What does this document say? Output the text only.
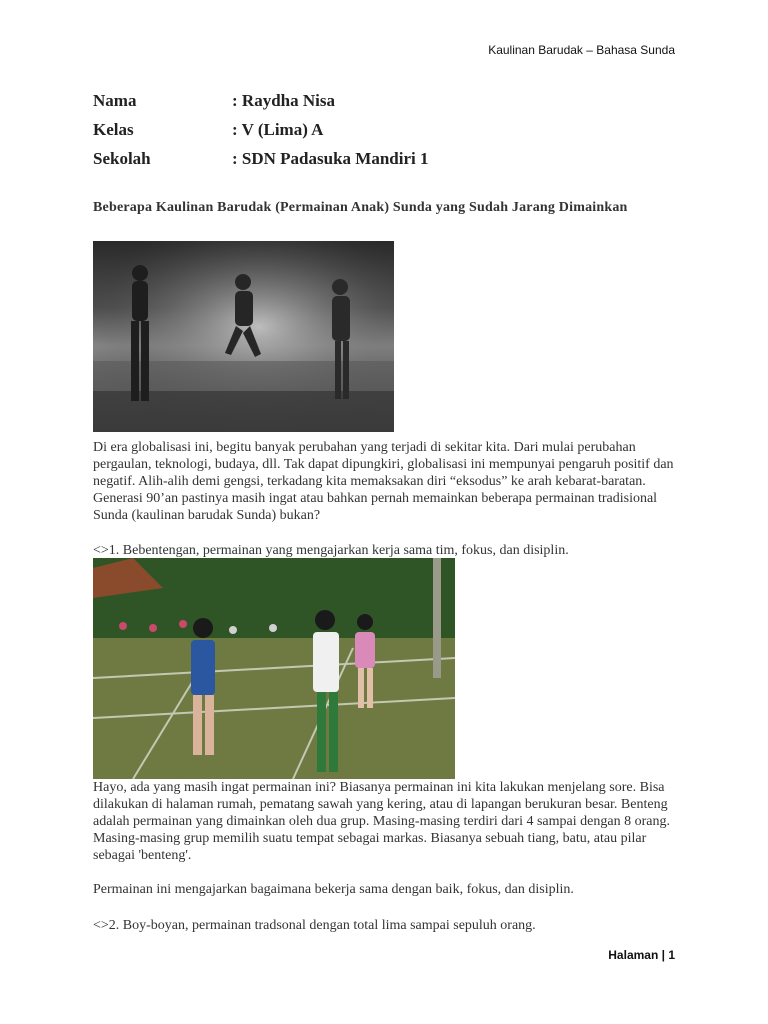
Kaulinan Barudak – Bahasa Sunda
Nama	: Raydha Nisa
Kelas	: V (Lima) A
Sekolah	: SDN Padasuka Mandiri 1
Beberapa Kaulinan Barudak (Permainan Anak) Sunda yang Sudah Jarang Dimainkan

Di era globalisasi ini, begitu banyak perubahan yang terjadi di sekitar kita. Dari mulai perubahan pergaulan, teknologi, budaya, dll. Tak dapat dipungkiri, globalisasi ini mempunyai pengaruh positif dan negatif. Alih-alih demi gengsi, terkadang kita memaksakan diri “eksodus” ke arah kebarat-baratan. Generasi 90’an pastinya masih ingat atau bahkan pernah memainkan beberapa permainan tradisional Sunda (kaulinan barudak Sunda) bukan?

<>1. Bebentengan, permainan yang mengajarkan kerja sama tim, fokus, dan disiplin.

Hayo, ada yang masih ingat permainan ini? Biasanya permainan ini kita lakukan menjelang sore. Bisa dilakukan di halaman rumah, pematang sawah yang kering, atau di lapangan berukuran besar. Benteng adalah permainan yang dimainkan oleh dua grup. Masing-masing terdiri dari 4 sampai dengan 8 orang. Masing-masing grup memilih suatu tempat sebagai markas. Biasanya sebuah tiang, batu, atau pilar sebagai 'benteng'.

Permainan ini mengajarkan bagaimana bekerja sama dengan baik, fokus, dan disiplin.

<>2. Boy-boyan, permainan tradsonal dengan total lima sampai sepuluh orang.

Halaman | 1
